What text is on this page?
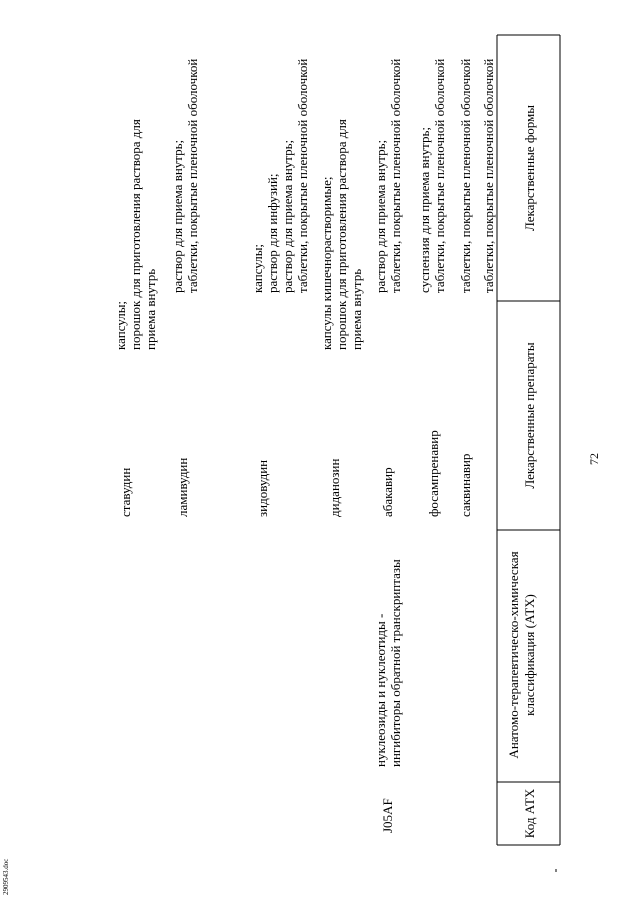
72
2909543.doc
Код АТХ
Анатомо-терапевтическо-химическая классификация (АТХ)
Лекарственные препараты
Лекарственные формы
таблетки, покрытые пленочной оболочкой
саквинавир
таблетки, покрытые пленочной оболочкой
фосампренавир
суспензия для приема внутрь;
таблетки, покрытые пленочной оболочкой
J05AF
нуклеозиды и нуклеотиды -
ингибиторы обратной транскриптазы
абакавир
раствор для приема внутрь;
таблетки, покрытые пленочной оболочкой
диданозин
капсулы кишечнорастворимые;
порошок для приготовления раствора для
приема внутрь
зидовудин
капсулы;
раствор для инфузий;
раствор для приема внутрь;
таблетки, покрытые пленочной оболочкой
ламивудин
раствор для приема внутрь;
таблетки, покрытые пленочной оболочкой
ставудин
капсулы;
порошок для приготовления раствора для
приема внутрь
